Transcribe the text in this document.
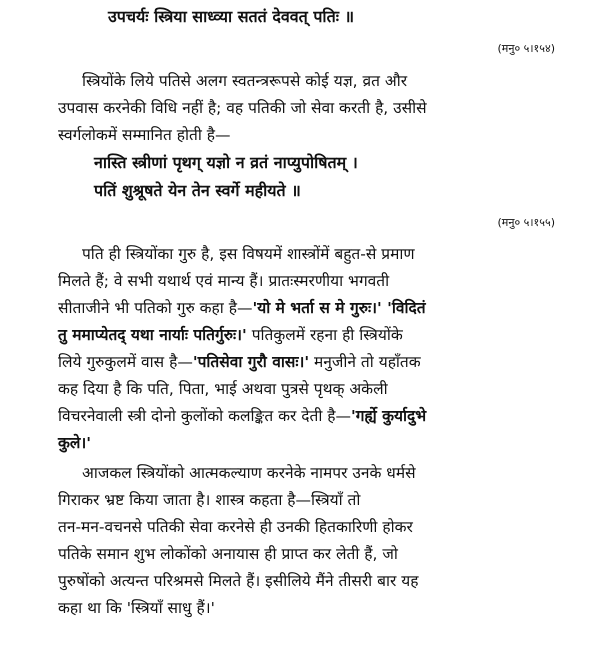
उपचर्यः स्त्रिया साध्व्या सततं देववत् पतिः ॥
(मनु० ५।१५४)
स्त्रियोंके लिये पतिसे अलग स्वतन्त्ररूपसे कोई यज्ञ, व्रत और
उपवास करनेकी विधि नहीं है; वह पतिकी जो सेवा करती है, उसीसे
स्वर्गलोकमें सम्मानित होती है—
नास्ति स्त्रीणां पृथग् यज्ञो न व्रतं नाप्युपोषितम् ।
पतिं शुश्रूषते येन तेन स्वर्गे महीयते ॥
(मनु० ५।१५५)
पति ही स्त्रियोंका गुरु है, इस विषयमें शास्त्रोंमें बहुत-से प्रमाण
मिलते हैं; वे सभी यथार्थ एवं मान्य हैं। प्रातःस्मरणीया भगवती
सीताजीने भी पतिको गुरु कहा है—'यो मे भर्ता स मे गुरुः।' 'विदितं
तु ममाप्येतद् यथा नार्याः पतिर्गुरुः।' पतिकुलमें रहना ही स्त्रियोंके
लिये गुरुकुलमें वास है—'पतिसेवा गुरौ वासः।' मनुजीने तो यहाँतक
कह दिया है कि पति, पिता, भाई अथवा पुत्रसे पृथक् अकेली
विचरनेवाली स्त्री दोनो कुलोंको कलङ्कित कर देती है—'गर्ह्ये कुर्यादुभे
कुले।'
आजकल स्त्रियोंको आत्मकल्याण करनेके नामपर उनके धर्मसे
गिराकर भ्रष्ट किया जाता है। शास्त्र कहता है—स्त्रियाँ तो
तन-मन-वचनसे पतिकी सेवा करनेसे ही उनकी हितकारिणी होकर
पतिके समान शुभ लोकोंको अनायास ही प्राप्त कर लेती हैं, जो
पुरुषोंको अत्यन्त परिश्रमसे मिलते हैं। इसीलिये मैंने तीसरी बार यह
कहा था कि 'स्त्रियाँ साधु हैं।'
